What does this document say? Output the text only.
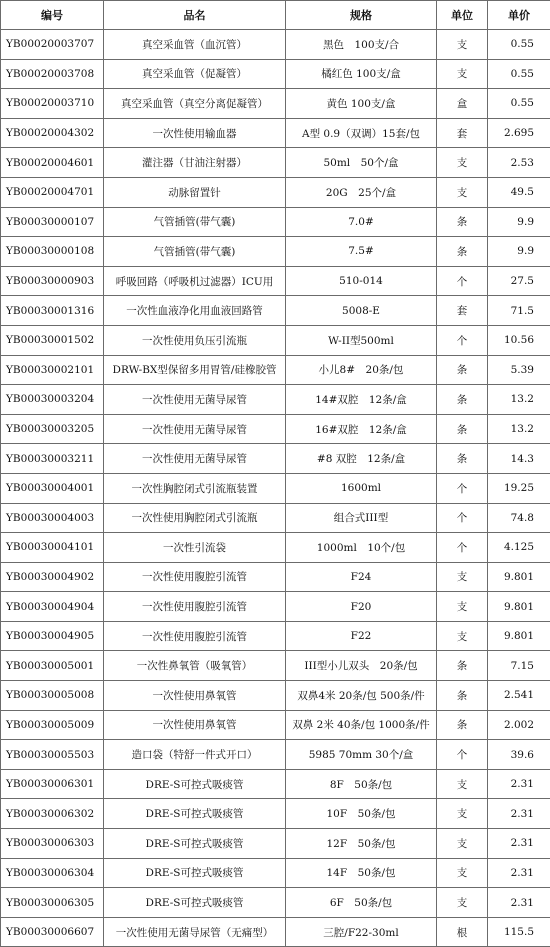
编号	品名	规格	单位	单价
YB00020003707	真空采血管（血沉管）	黑色　100支/合	支	0.55
YB00020003708	真空采血管（促凝管）	橘红色 100支/盒	支	0.55
YB00020003710	真空采血管（真空分离促凝管）	黄色 100支/盒	盒	0.55
YB00020004302	一次性使用输血器	A型 0.9（双调）15套/包	套	2.695
YB00020004601	灌注器（甘油注射器）	50ml　50个/盒	支	2.53
YB00020004701	动脉留置针	20G　25个/盒	支	49.5
YB00030000107	气管插管(带气囊)	7.0#	条	9.9
YB00030000108	气管插管(带气囊)	7.5#	条	9.9
YB00030000903	呼吸回路（呼吸机过滤器）ICU用	510-014	个	27.5
YB00030001316	一次性血液净化用血液回路管	5008-E	套	71.5
YB00030001502	一次性使用负压引流瓶	W-II型500ml	个	10.56
YB00030002101	DRW-BX型保留多用胃管/硅橡胶管	小儿8#　20条/包	条	5.39
YB00030003204	一次性使用无菌导尿管	14#双腔　12条/盒	条	13.2
YB00030003205	一次性使用无菌导尿管	16#双腔　12条/盒	条	13.2
YB00030003211	一次性使用无菌导尿管	#8 双腔　12条/盒	条	14.3
YB00030004001	一次性胸腔闭式引流瓶装置	1600ml	个	19.25
YB00030004003	一次性使用胸腔闭式引流瓶	组合式III型	个	74.8
YB00030004101	一次性引流袋	1000ml　10个/包	个	4.125
YB00030004902	一次性使用腹腔引流管	F24	支	9.801
YB00030004904	一次性使用腹腔引流管	F20	支	9.801
YB00030004905	一次性使用腹腔引流管	F22	支	9.801
YB00030005001	一次性鼻氧管（吸氧管）	III型小儿双头　20条/包	条	7.15
YB00030005008	一次性使用鼻氧管	双鼻4米 20条/包 500条/件	条	2.541
YB00030005009	一次性使用鼻氧管	双鼻 2米 40条/包 1000条/件	条	2.002
YB00030005503	造口袋（特舒一件式开口）	5985 70mm 30个/盒	个	39.6
YB00030006301	DRE-S可控式吸痰管	8F　50条/包	支	2.31
YB00030006302	DRE-S可控式吸痰管	10F　50条/包	支	2.31
YB00030006303	DRE-S可控式吸痰管	12F　50条/包	支	2.31
YB00030006304	DRE-S可控式吸痰管	14F　50条/包	支	2.31
YB00030006305	DRE-S可控式吸痰管	6F　50条/包	支	2.31
YB00030006607	一次性使用无菌导尿管（无痛型）	三腔/F22-30ml	根	115.5
